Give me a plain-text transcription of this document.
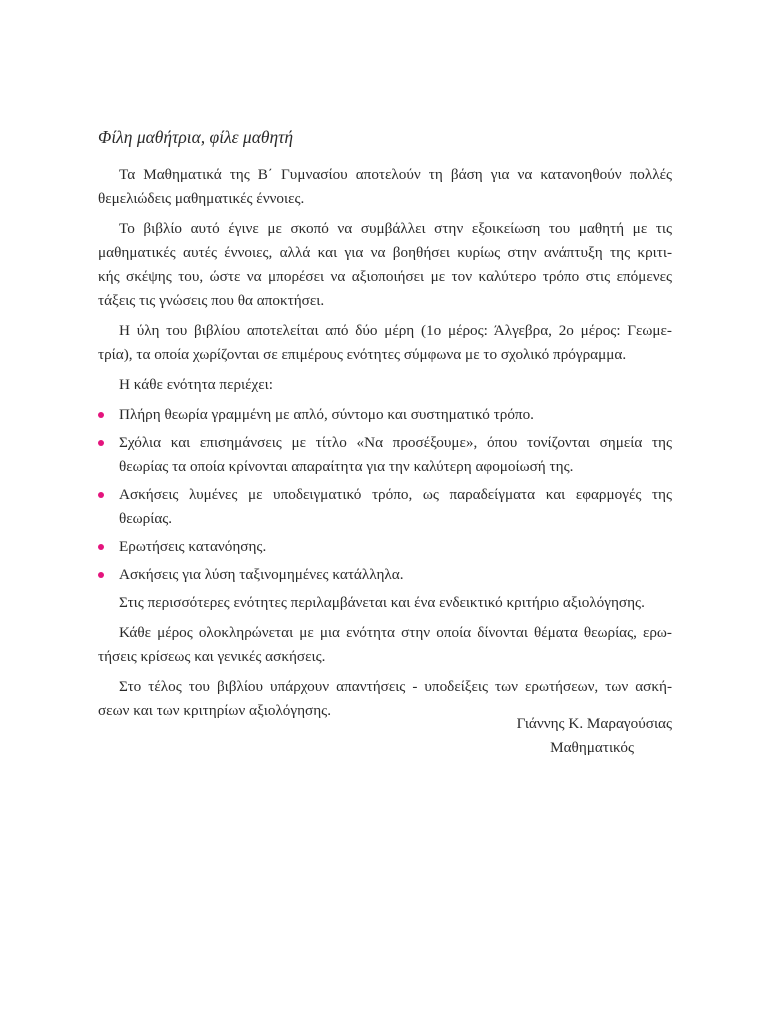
Φίλη μαθήτρια, φίλε μαθητή
Τα Μαθηματικά της Β΄ Γυμνασίου αποτελούν τη βάση για να κατανοηθούν πολλές
θεμελιώδεις μαθηματικές έννοιες.
Το βιβλίο αυτό έγινε με σκοπό να συμβάλλει στην εξοικείωση του μαθητή με τις
μαθηματικές αυτές έννοιες, αλλά και για να βοηθήσει κυρίως στην ανάπτυξη της κριτι-
κής σκέψης του, ώστε να μπορέσει να αξιοποιήσει με τον καλύτερο τρόπο στις επόμενες
τάξεις τις γνώσεις που θα αποκτήσει.
Η ύλη του βιβλίου αποτελείται από δύο μέρη (1ο μέρος: Άλγεβρα, 2ο μέρος: Γεωμε-
τρία), τα οποία χωρίζονται σε επιμέρους ενότητες σύμφωνα με το σχολικό πρόγραμμα.
Η κάθε ενότητα περιέχει:
Πλήρη θεωρία γραμμένη με απλό, σύντομο και συστηματικό τρόπο.
Σχόλια και επισημάνσεις με τίτλο «Να προσέξουμε», όπου τονίζονται σημεία της
θεωρίας τα οποία κρίνονται απαραίτητα για την καλύτερη αφομοίωσή της.
Ασκήσεις λυμένες με υποδειγματικό τρόπο, ως παραδείγματα και εφαρμογές της
θεωρίας.
Ερωτήσεις κατανόησης.
Ασκήσεις για λύση ταξινομημένες κατάλληλα.
Στις περισσότερες ενότητες περιλαμβάνεται και ένα ενδεικτικό κριτήριο αξιολόγησης.
Κάθε μέρος ολοκληρώνεται με μια ενότητα στην οποία δίνονται θέματα θεωρίας, ερω-
τήσεις κρίσεως και γενικές ασκήσεις.
Στο τέλος του βιβλίου υπάρχουν απαντήσεις - υποδείξεις των ερωτήσεων, των ασκή-
σεων και των κριτηρίων αξιολόγησης.
Γιάννης Κ. Μαραγούσιας
Μαθηματικός
